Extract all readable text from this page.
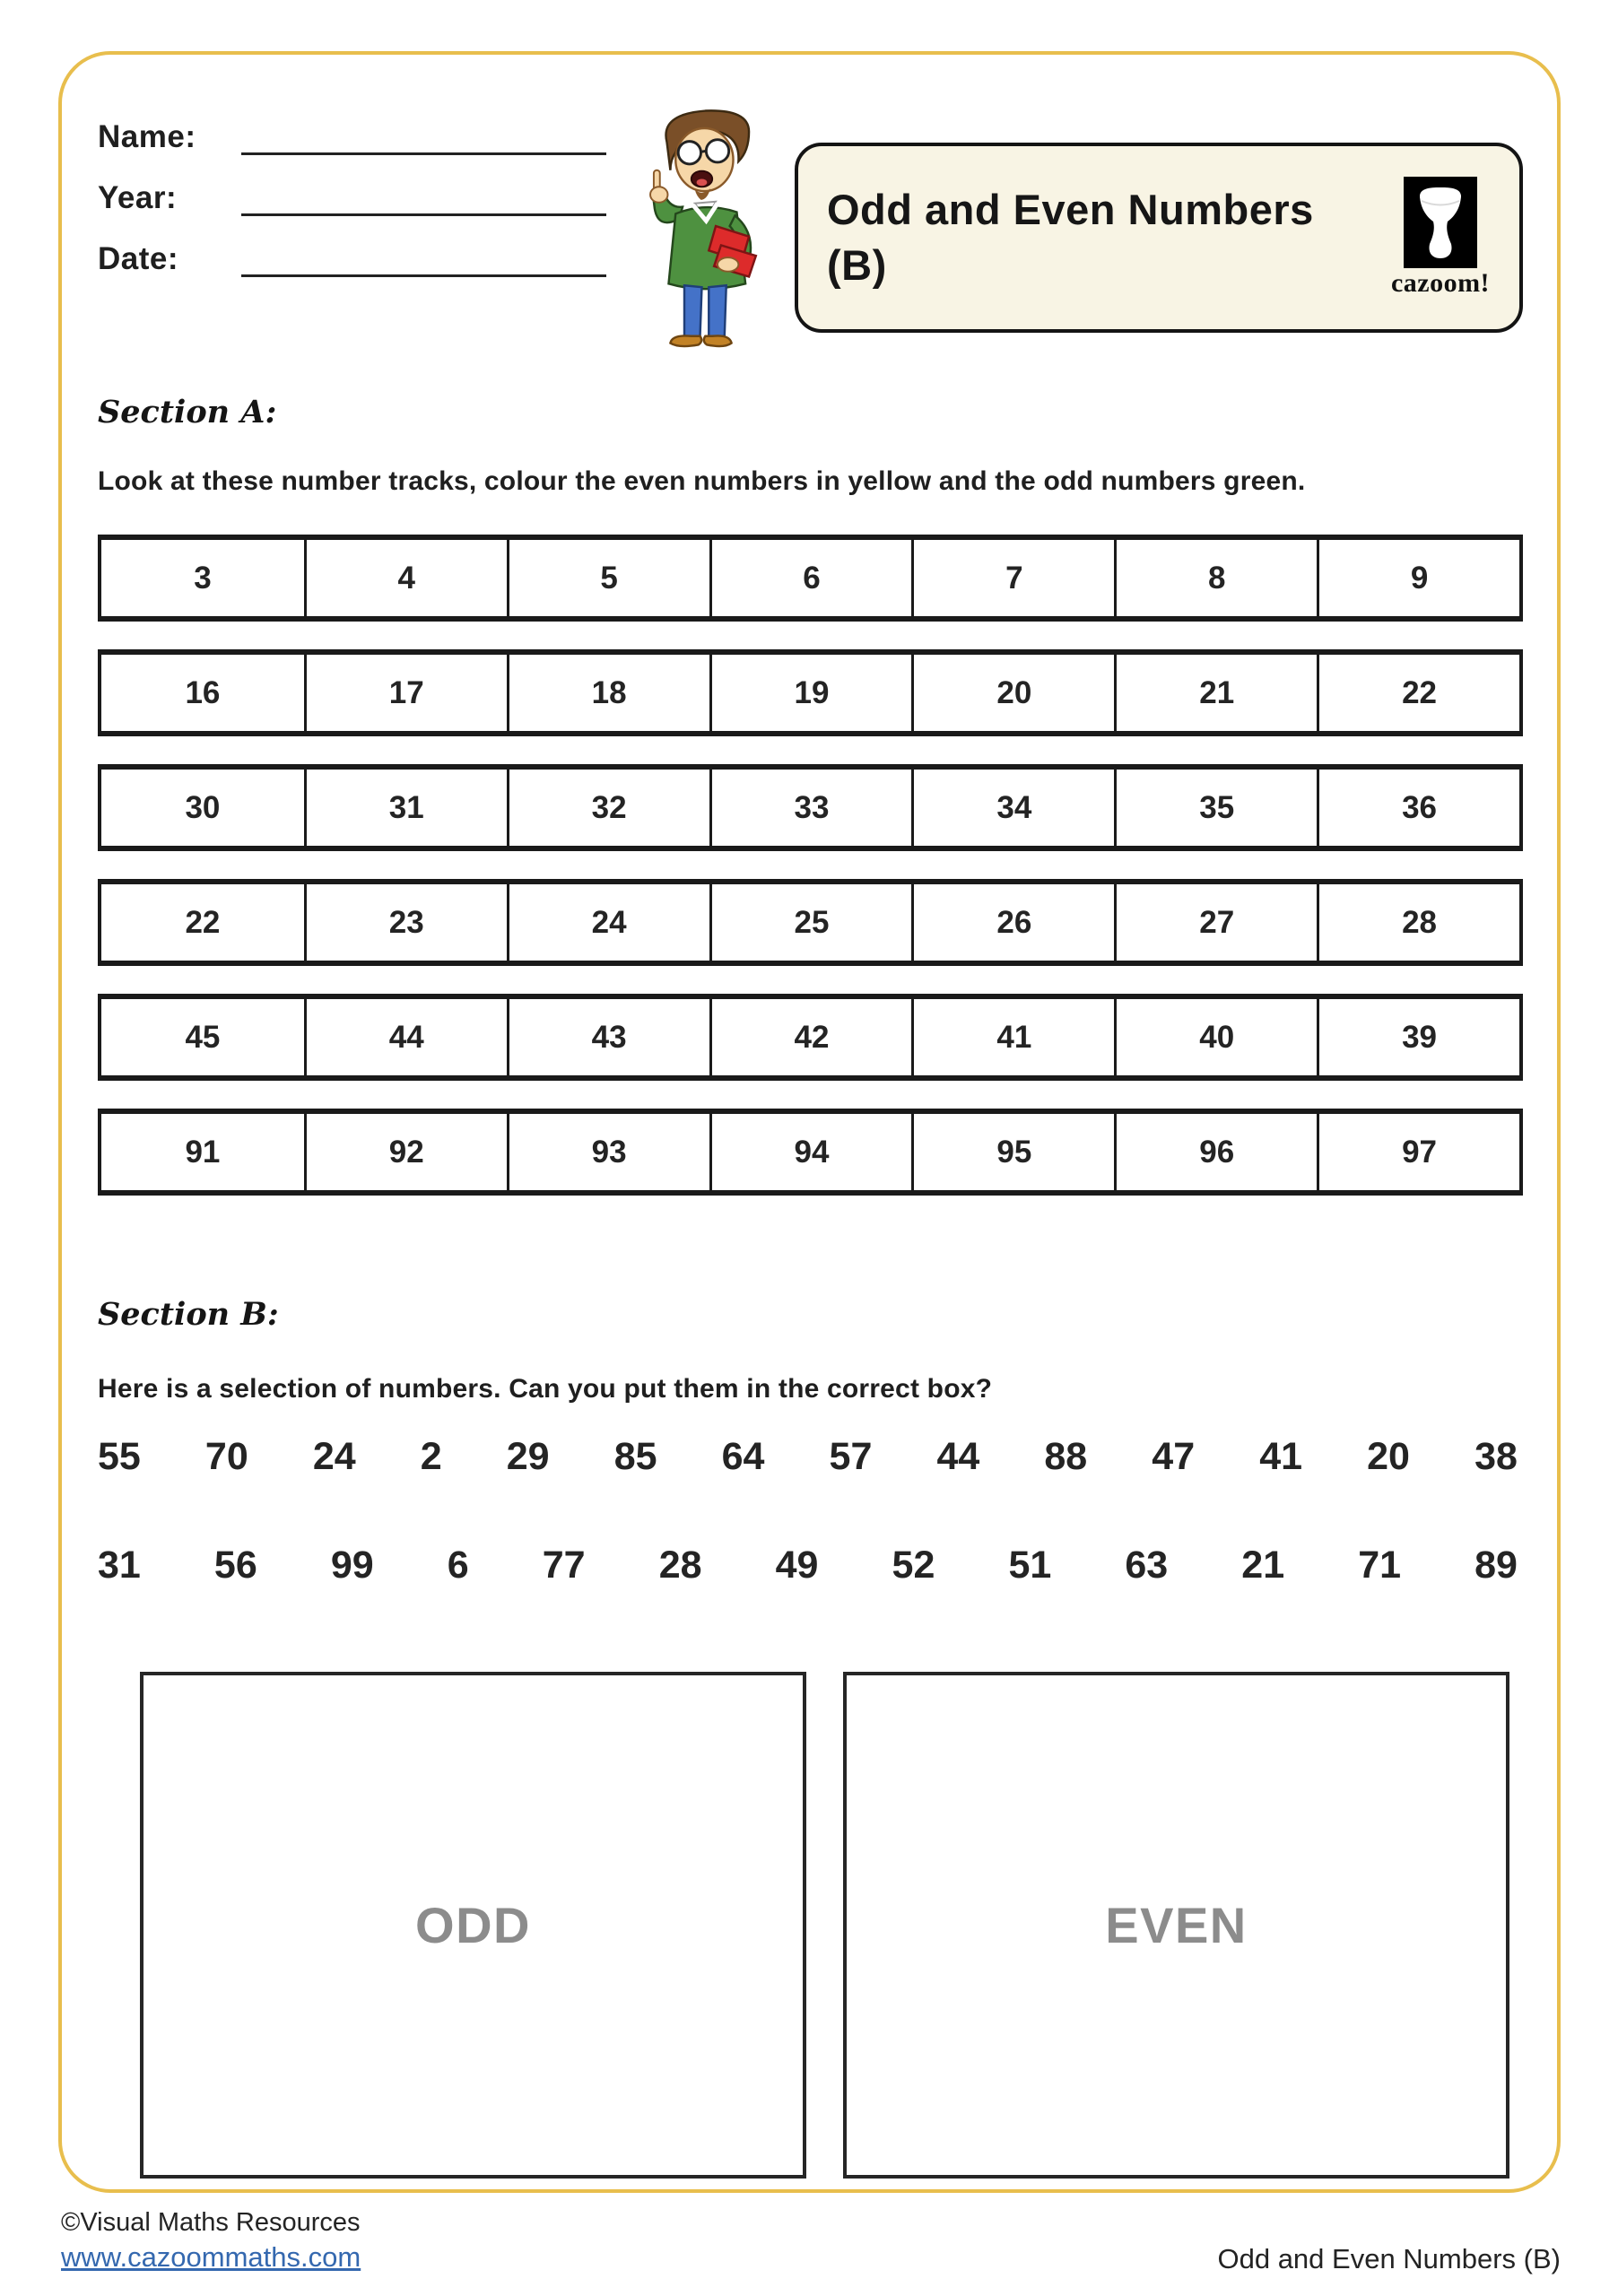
Name:
Year:
Date:
Odd and Even Numbers (B)	cazoom!
Section A:
Look at these number tracks, colour the even numbers in yellow and the odd numbers green.
3	4	5	6	7	8	9
16	17	18	19	20	21	22
30	31	32	33	34	35	36
22	23	24	25	26	27	28
45	44	43	42	41	40	39
91	92	93	94	95	96	97
Section B:
Here is a selection of numbers. Can you put them in the correct box?
55 70 24 2 29 85 64 57 44 88 47 41 20 38
31 56 99 6 77 28 49 52 51 63 21 71 89
ODD	EVEN
©Visual Maths Resources
www.cazoommaths.com	Odd and Even Numbers (B)
